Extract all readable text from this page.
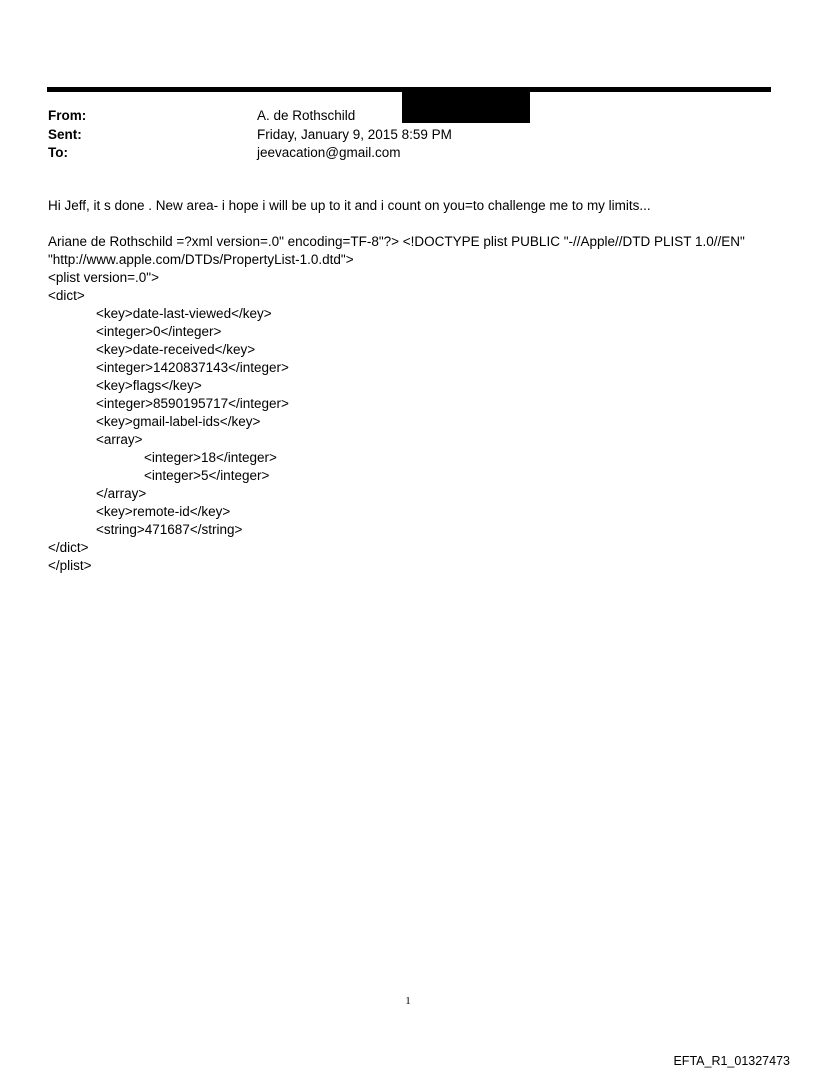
From:	A. de Rothschild
Sent:	Friday, January 9, 2015 8:59 PM
To:	jeevacation@gmail.com

Hi Jeff, it s done . New area- i hope i will be up to it and i count on you=to challenge me to my limits...

Ariane de Rothschild =?xml version=.0" encoding=TF-8"?> <!DOCTYPE plist PUBLIC "-//Apple//DTD PLIST 1.0//EN"

"http://www.apple.com/DTDs/PropertyList-1.0.dtd">

<plist version=.0">

<dict>

<key>date-last-viewed</key>

<integer>0</integer>

<key>date-received</key>

<integer>1420837143</integer>

<key>flags</key>

<integer>8590195717</integer>

<key>gmail-label-ids</key>

<array>

<integer>18</integer>

<integer>5</integer>

</array>

<key>remote-id</key>

<string>471687</string>

</dict>

</plist>

1
EFTA_R1_01327473
